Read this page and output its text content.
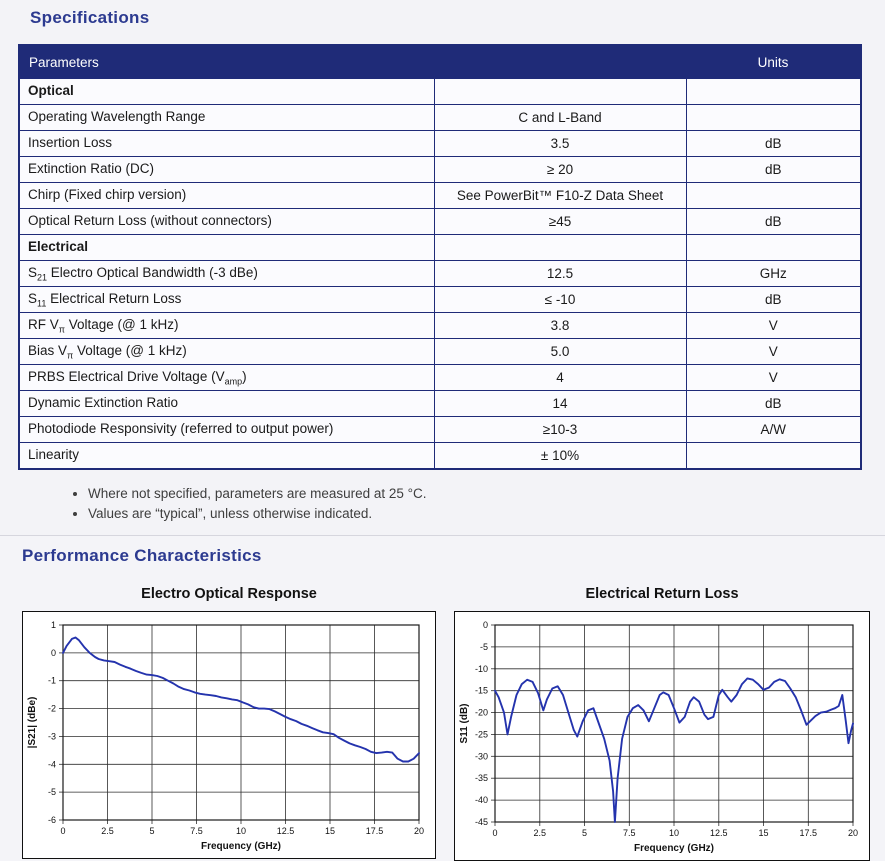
Specifications
Parameters		Units
Optical		
Operating Wavelength Range	C and L-Band	
Insertion Loss	3.5	dB
Extinction Ratio (DC)	≥ 20	dB
Chirp (Fixed chirp version)	See PowerBit™ F10-Z Data Sheet	
Optical Return Loss (without connectors)	≥45	dB
Electrical		
$S_{21}$ Electro Optical Bandwidth (-3 dBe)	12.5	GHz
$S_{11}$ Electrical Return Loss	≤ -10	dB
RF $V_\pi$ Voltage (@ 1 kHz)	3.8	V
Bias $V_\pi$ Voltage (@ 1 kHz)	5.0	V
PRBS Electrical Drive Voltage $(V_{amp})$	4	V
Dynamic Extinction Ratio	14	dB
Photodiode Responsivity (referred to output power)	≥10-3	A/W
Linearity	± 10%	
• Where not specified, parameters are measured at 25 °C.
• Values are “typical”, unless otherwise indicated.
Performance Characteristics
Electro Optical Response
0	2.5	5	7.5	10	12.5	15	17.5	20
1
0
-1
-2
-3
-4
-5
-6
Frequency (GHz)
|S21| (dBe)
Electrical Return Loss
0	2.5	5	7.5	10	12.5	15	17.5	20
0
-5
-10
-15
-20
-25
-30
-35
-40
-45
Frequency (GHz)
S11 (dB)
